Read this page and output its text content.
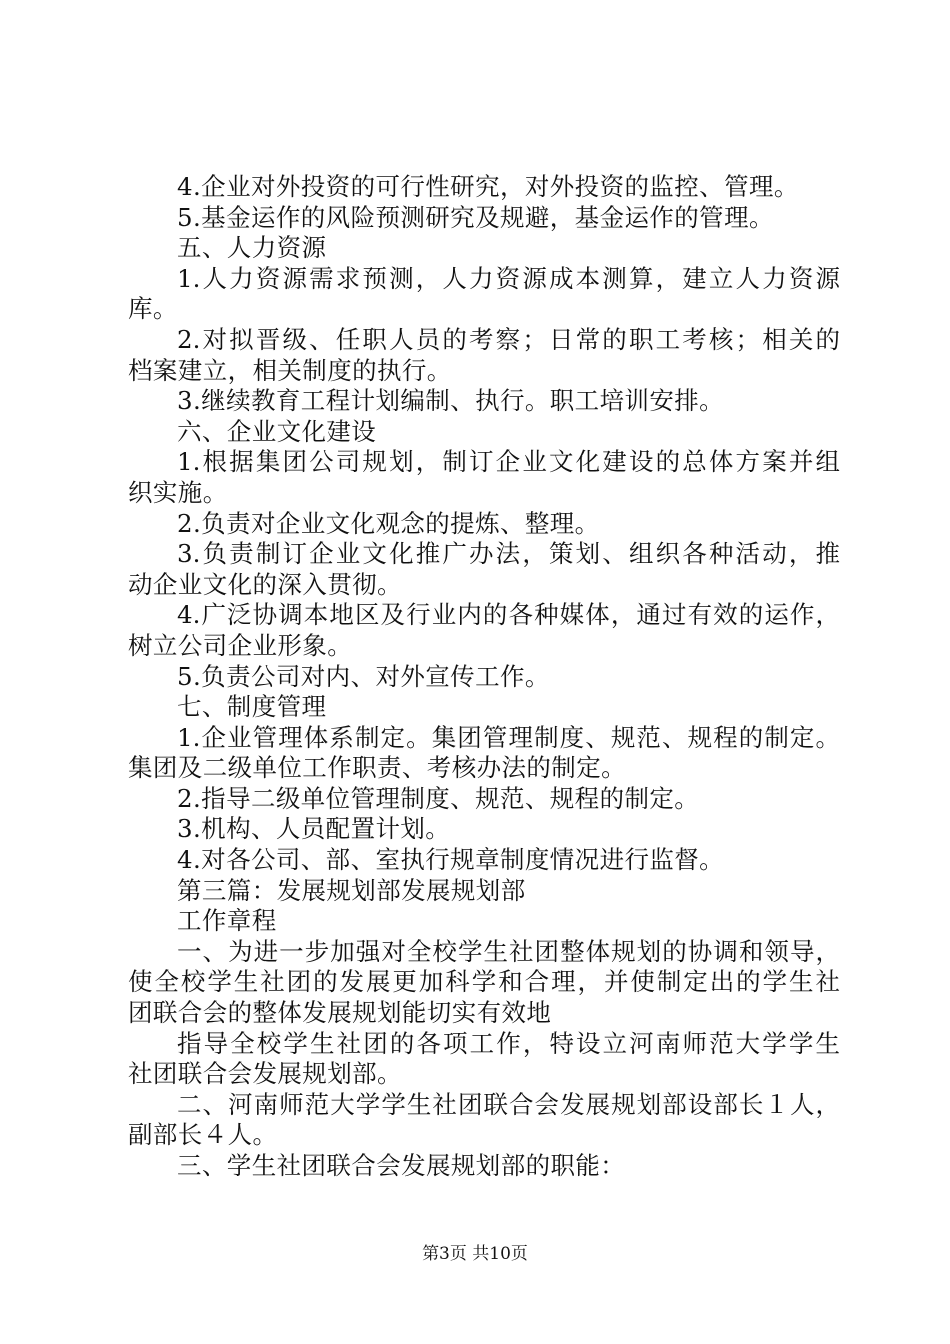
4.企业对外投资的可行性研究，对外投资的监控、管理。
5.基金运作的风险预测研究及规避，基金运作的管理。
五、人力资源
1.人力资源需求预测，人力资源成本测算，建立人力资源
库。
2.对拟晋级、任职人员的考察；日常的职工考核；相关的
档案建立，相关制度的执行。
3.继续教育工程计划编制、执行。职工培训安排。
六、企业文化建设
1.根据集团公司规划，制订企业文化建设的总体方案并组
织实施。
2.负责对企业文化观念的提炼、整理。
3.负责制订企业文化推广办法，策划、组织各种活动，推
动企业文化的深入贯彻。
4.广泛协调本地区及行业内的各种媒体，通过有效的运作，
树立公司企业形象。
5.负责公司对内、对外宣传工作。
七、制度管理
1.企业管理体系制定。集团管理制度、规范、规程的制定。
集团及二级单位工作职责、考核办法的制定。
2.指导二级单位管理制度、规范、规程的制定。
3.机构、人员配置计划。
4.对各公司、部、室执行规章制度情况进行监督。
第三篇：发展规划部发展规划部
工作章程
一、为进一步加强对全校学生社团整体规划的协调和领导，
使全校学生社团的发展更加科学和合理，并使制定出的学生社
团联合会的整体发展规划能切实有效地
指导全校学生社团的各项工作，特设立河南师范大学学生
社团联合会发展规划部。
二、河南师范大学学生社团联合会发展规划部设部长１人，
副部长４人。
三、学生社团联合会发展规划部的职能：
第3页 共10页
